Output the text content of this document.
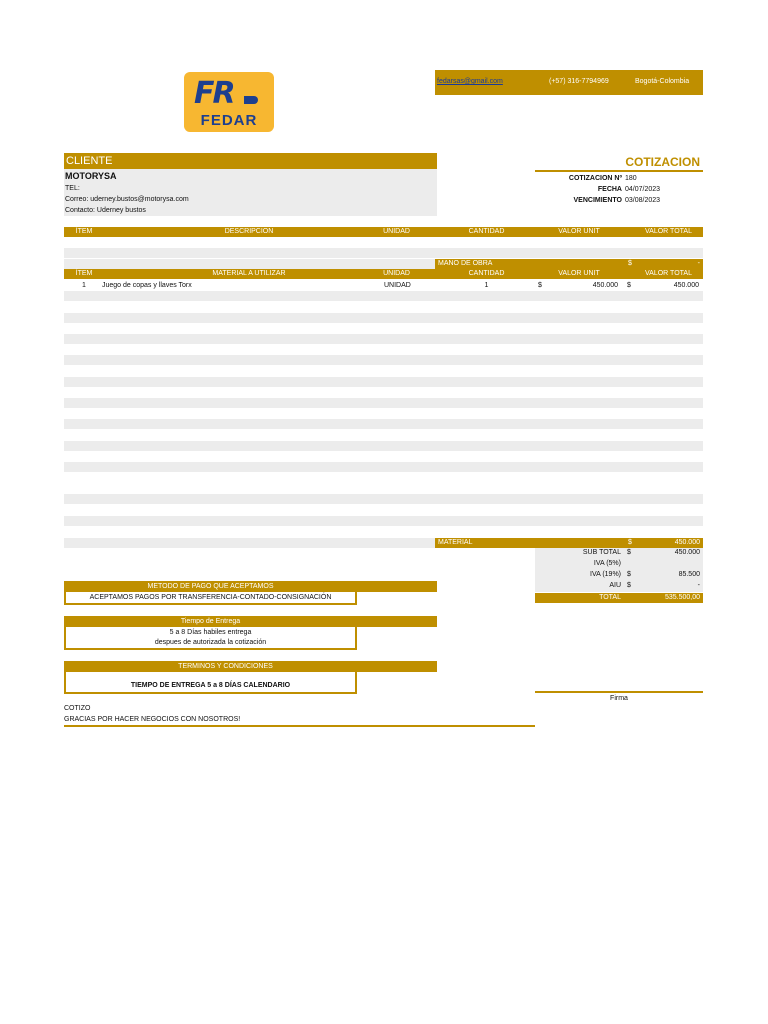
FR
FEDAR
fedarsas@gmail.com	(+57) 316-7794969	Bogotá-Colombia
CLIENTE
MOTORYSA
TEL:
Correo: uderney.bustos@motorysa.com
Contacto: Uderney bustos
COTIZACION
COTIZACION Nº 180
FECHA 04/07/2023
VENCIMIENTO 03/08/2023
ÍTEM	DESCRIPCION	UNIDAD	CANTIDAD	VALOR UNIT	VALOR TOTAL
MANO DE OBRA	$	-
ÍTEM	MATERIAL A UTILIZAR	UNIDAD	CANTIDAD	VALOR UNIT	VALOR TOTAL
1	Juego de copas y llaves Torx	UNIDAD	1	$	450.000 $	450.000
MATERIAL	$	450.000
SUB TOTAL $	450.000
IVA (5%)
IVA (19%) $	85.500
AIU $	-
TOTAL	535.500,00
METODO DE PAGO QUE ACEPTAMOS
ACEPTAMOS PAGOS POR TRANSFERENCIA-CONTADO-CONSIGNACIÓN
Tiempo de Entrega
5 a 8 Días habiles entrega
despues de autorizada la cotización
TERMINOS Y CONDICIONES
TIEMPO DE ENTREGA 5 a 8 DÍAS CALENDARIO
Firma
COTIZO
GRACIAS POR HACER NEGOCIOS CON NOSOTROS!
